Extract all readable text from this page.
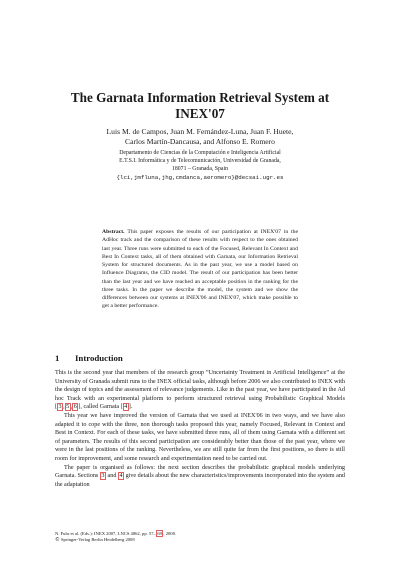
The Garnata Information Retrieval System at
INEX'07
Luis M. de Campos, Juan M. Fernández-Luna, Juan F. Huete,
Carlos Martín-Dancausa, and Alfonso E. Romero
Departamento de Ciencias de la Computación e Inteligencia Artificial
E.T.S.I. Informática y de Telecomunicación, Universidad de Granada,
18071 – Granada, Spain
{lci,jmfluna,jhg,cmdanca,aeromero}@decsai.ugr.es
Abstract. This paper exposes the results of our participation at INEX'07 in the AdHoc track and the comparison of these results with respect to the ones obtained last year. Three runs were submitted to each of the Focused, Relevant In Context and Best In Context tasks, all of them obtained with Garnata, our Information Retrieval System for structured documents. As in the past year, we use a model based on Influence Diagrams, the CID model. The result of our participation has been better than the last year and we have reached an acceptable position in the ranking for the three tasks. In the paper we describe the model, the system and we show the differences between our systems at INEX'06 and INEX'07, which make possible to get a better performance.
1 Introduction

This is the second year that members of the research group “Uncertainty Treatment in Artificial Intelligence” at the University of Granada submit runs to the INEX official tasks, although before 2006 we also contributed to INEX with the design of topics and the assessment of relevance judgements. Like in the past year, we have participated in the Ad hoc Track with an experimental platform to perform structured retrieval using Probabilistic Graphical Models [ 3 , 5 , 6 ], called Garnata [ 4 ].

This year we have improved the version of Garnata that we used at INEX'06 in two ways, and we have also adapted it to cope with the three, non thorough tasks proposed this year, namely Focused, Relevant in Context and Best in Context. For each of these tasks, we have submitted three runs, all of them using Garnata with a different set of parameters. The results of this second participation are considerably better than those of the past year, where we were in the last positions of the ranking. Nevertheless, we are still quite far from the first positions, so there is still room for improvement, and some research and experimentation need to be carried out.

The paper is organised as follows: the next section describes the probabilistic graphical models underlying Garnata. Sections 3 and 4 give details about the new characteristics/improvements incorporated into the system and the adaptation

N. Fuhr et al. (Eds.): INEX 2007, LNCS 4862, pp. 57– 69 , 2008.
© Springer-Verlag Berlin Heidelberg 2008
